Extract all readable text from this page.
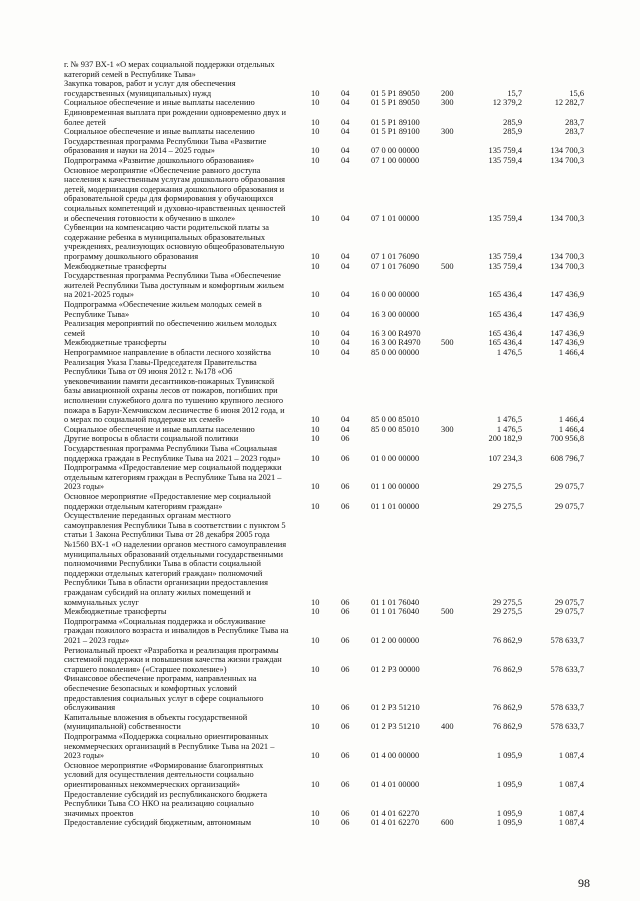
г. № 937 ВХ-1 «О мерах социальной поддержки отдельных
категорий семей в Республике Тыва»
Закупка товаров, работ и услуг для обеспечения
государственных (муниципальных) нужд	10	04	01 5 Р1 89050	200	15,7	15,6
Социальное обеспечение и иные выплаты населению	10	04	01 5 Р1 89050	300	12 379,2	12 282,7
Единовременная выплата при рождении одновременно двух и
более детей	10	04	01 5 Р1 89100	285,9	283,7
Социальное обеспечение и иные выплаты населению	10	04	01 5 Р1 89100	300	285,9	283,7
Государственная программа Республики Тыва «Развитие
образования и науки на 2014 – 2025 годы»	10	04	07 0 00 00000	135 759,4	134 700,3
Подпрограмма «Развитие дошкольного образования»	10	04	07 1 00 00000	135 759,4	134 700,3
Основное мероприятие «Обеспечение равного доступа
населения к качественным услугам дошкольного образования
детей, модернизация содержания дошкольного образования и
образовательной среды для формирования у обучающихся
социальных компетенций и духовно-нравственных ценностей
и обеспечения готовности к обучению в школе»	10	04	07 1 01 00000	135 759,4	134 700,3
Субвенции на компенсацию части родительской платы за
содержание ребенка в муниципальных образовательных
учреждениях, реализующих основную общеобразовательную
программу дошкольного образования	10	04	07 1 01 76090	135 759,4	134 700,3
Межбюджетные трансферты	10	04	07 1 01 76090	500	135 759,4	134 700,3
Государственная программа Республики Тыва «Обеспечение
жителей Республики Тыва доступным и комфортным жильем
на 2021-2025 годы»	10	04	16 0 00 00000	165 436,4	147 436,9
Подпрограмма «Обеспечение жильем молодых семей в
Республике Тыва»	10	04	16 3 00 00000	165 436,4	147 436,9
Реализация мероприятий по обеспечению жильем молодых
семей	10	04	16 3 00 R4970	165 436,4	147 436,9
Межбюджетные трансферты	10	04	16 3 00 R4970	500	165 436,4	147 436,9
Непрограммное направление в области лесного хозяйства	10	04	85 0 00 00000	1 476,5	1 466,4
Реализация Указа Главы-Председателя Правительства
Республики Тыва от 09 июня 2012 г. №178 «Об
увековечивании памяти десантников-пожарных Тувинской
базы авиационной охраны лесов от пожаров, погибших при
исполнении служебного долга по тушению крупного лесного
пожара в Барун-Хемчикском лесничестве 6 июня 2012 года, и
о мерах по социальной поддержке их семей»	10	04	85 0 00 85010	1 476,5	1 466,4
Социальное обеспечение и иные выплаты населению	10	04	85 0 00 85010	300	1 476,5	1 466,4
Другие вопросы в области социальной политики	10	06	200 182,9	700 956,8
Государственная программа Республики Тыва «Социальная
поддержка граждан в Республике Тыва на 2021 – 2023 годы»	10	06	01 0 00 00000	107 234,3	608 796,7
Подпрограмма «Предоставление мер социальной поддержки
отдельным категориям граждан в Республике Тыва на 2021 –
2023 годы»	10	06	01 1 00 00000	29 275,5	29 075,7
Основное мероприятие «Предоставление мер социальной
поддержки отдельным категориям граждан»	10	06	01 1 01 00000	29 275,5	29 075,7
Осуществление переданных органам местного
самоуправления Республики Тыва в соответствии с пунктом 5
статьи 1 Закона Республики Тыва от 28 декабря 2005 года
№1560 ВХ-1 «О наделении органов местного самоуправления
муниципальных образований отдельными государственными
полномочиями Республики Тыва в области социальной
поддержки отдельных категорий граждан» полномочий
Республики Тыва в области организации предоставления
гражданам субсидий на оплату жилых помещений и
коммунальных услуг	10	06	01 1 01 76040	29 275,5	29 075,7
Межбюджетные трансферты	10	06	01 1 01 76040	500	29 275,5	29 075,7
Подпрограмма «Социальная поддержка и обслуживание
граждан пожилого возраста и инвалидов в Республике Тыва на
2021 – 2023 годы»	10	06	01 2 00 00000	76 862,9	578 633,7
Региональный проект «Разработка и реализация программы
системной поддержки и повышения качества жизни граждан
старшего поколения» («Старшее поколение»)	10	06	01 2 Р3 00000	76 862,9	578 633,7
Финансовое обеспечение программ, направленных на
обеспечение безопасных и комфортных условий
предоставления социальных услуг в сфере социального
обслуживания	10	06	01 2 Р3 51210	76 862,9	578 633,7
Капитальные вложения в объекты государственной
(муниципальной) собственности	10	06	01 2 Р3 51210	400	76 862,9	578 633,7
Подпрограмма «Поддержка социально ориентированных
некоммерческих организаций в Республике Тыва на 2021 –
2023 годы»	10	06	01 4 00 00000	1 095,9	1 087,4
Основное мероприятие «Формирование благоприятных
условий для осуществления деятельности социально
ориентированных некоммерческих организаций»	10	06	01 4 01 00000	1 095,9	1 087,4
Предоставление субсидий из республиканского бюджета
Республики Тыва СО НКО на реализацию социально
значимых проектов	10	06	01 4 01 62270	1 095,9	1 087,4
Предоставление субсидий бюджетным, автономным	10	06	01 4 01 62270	600	1 095,9	1 087,4
98
